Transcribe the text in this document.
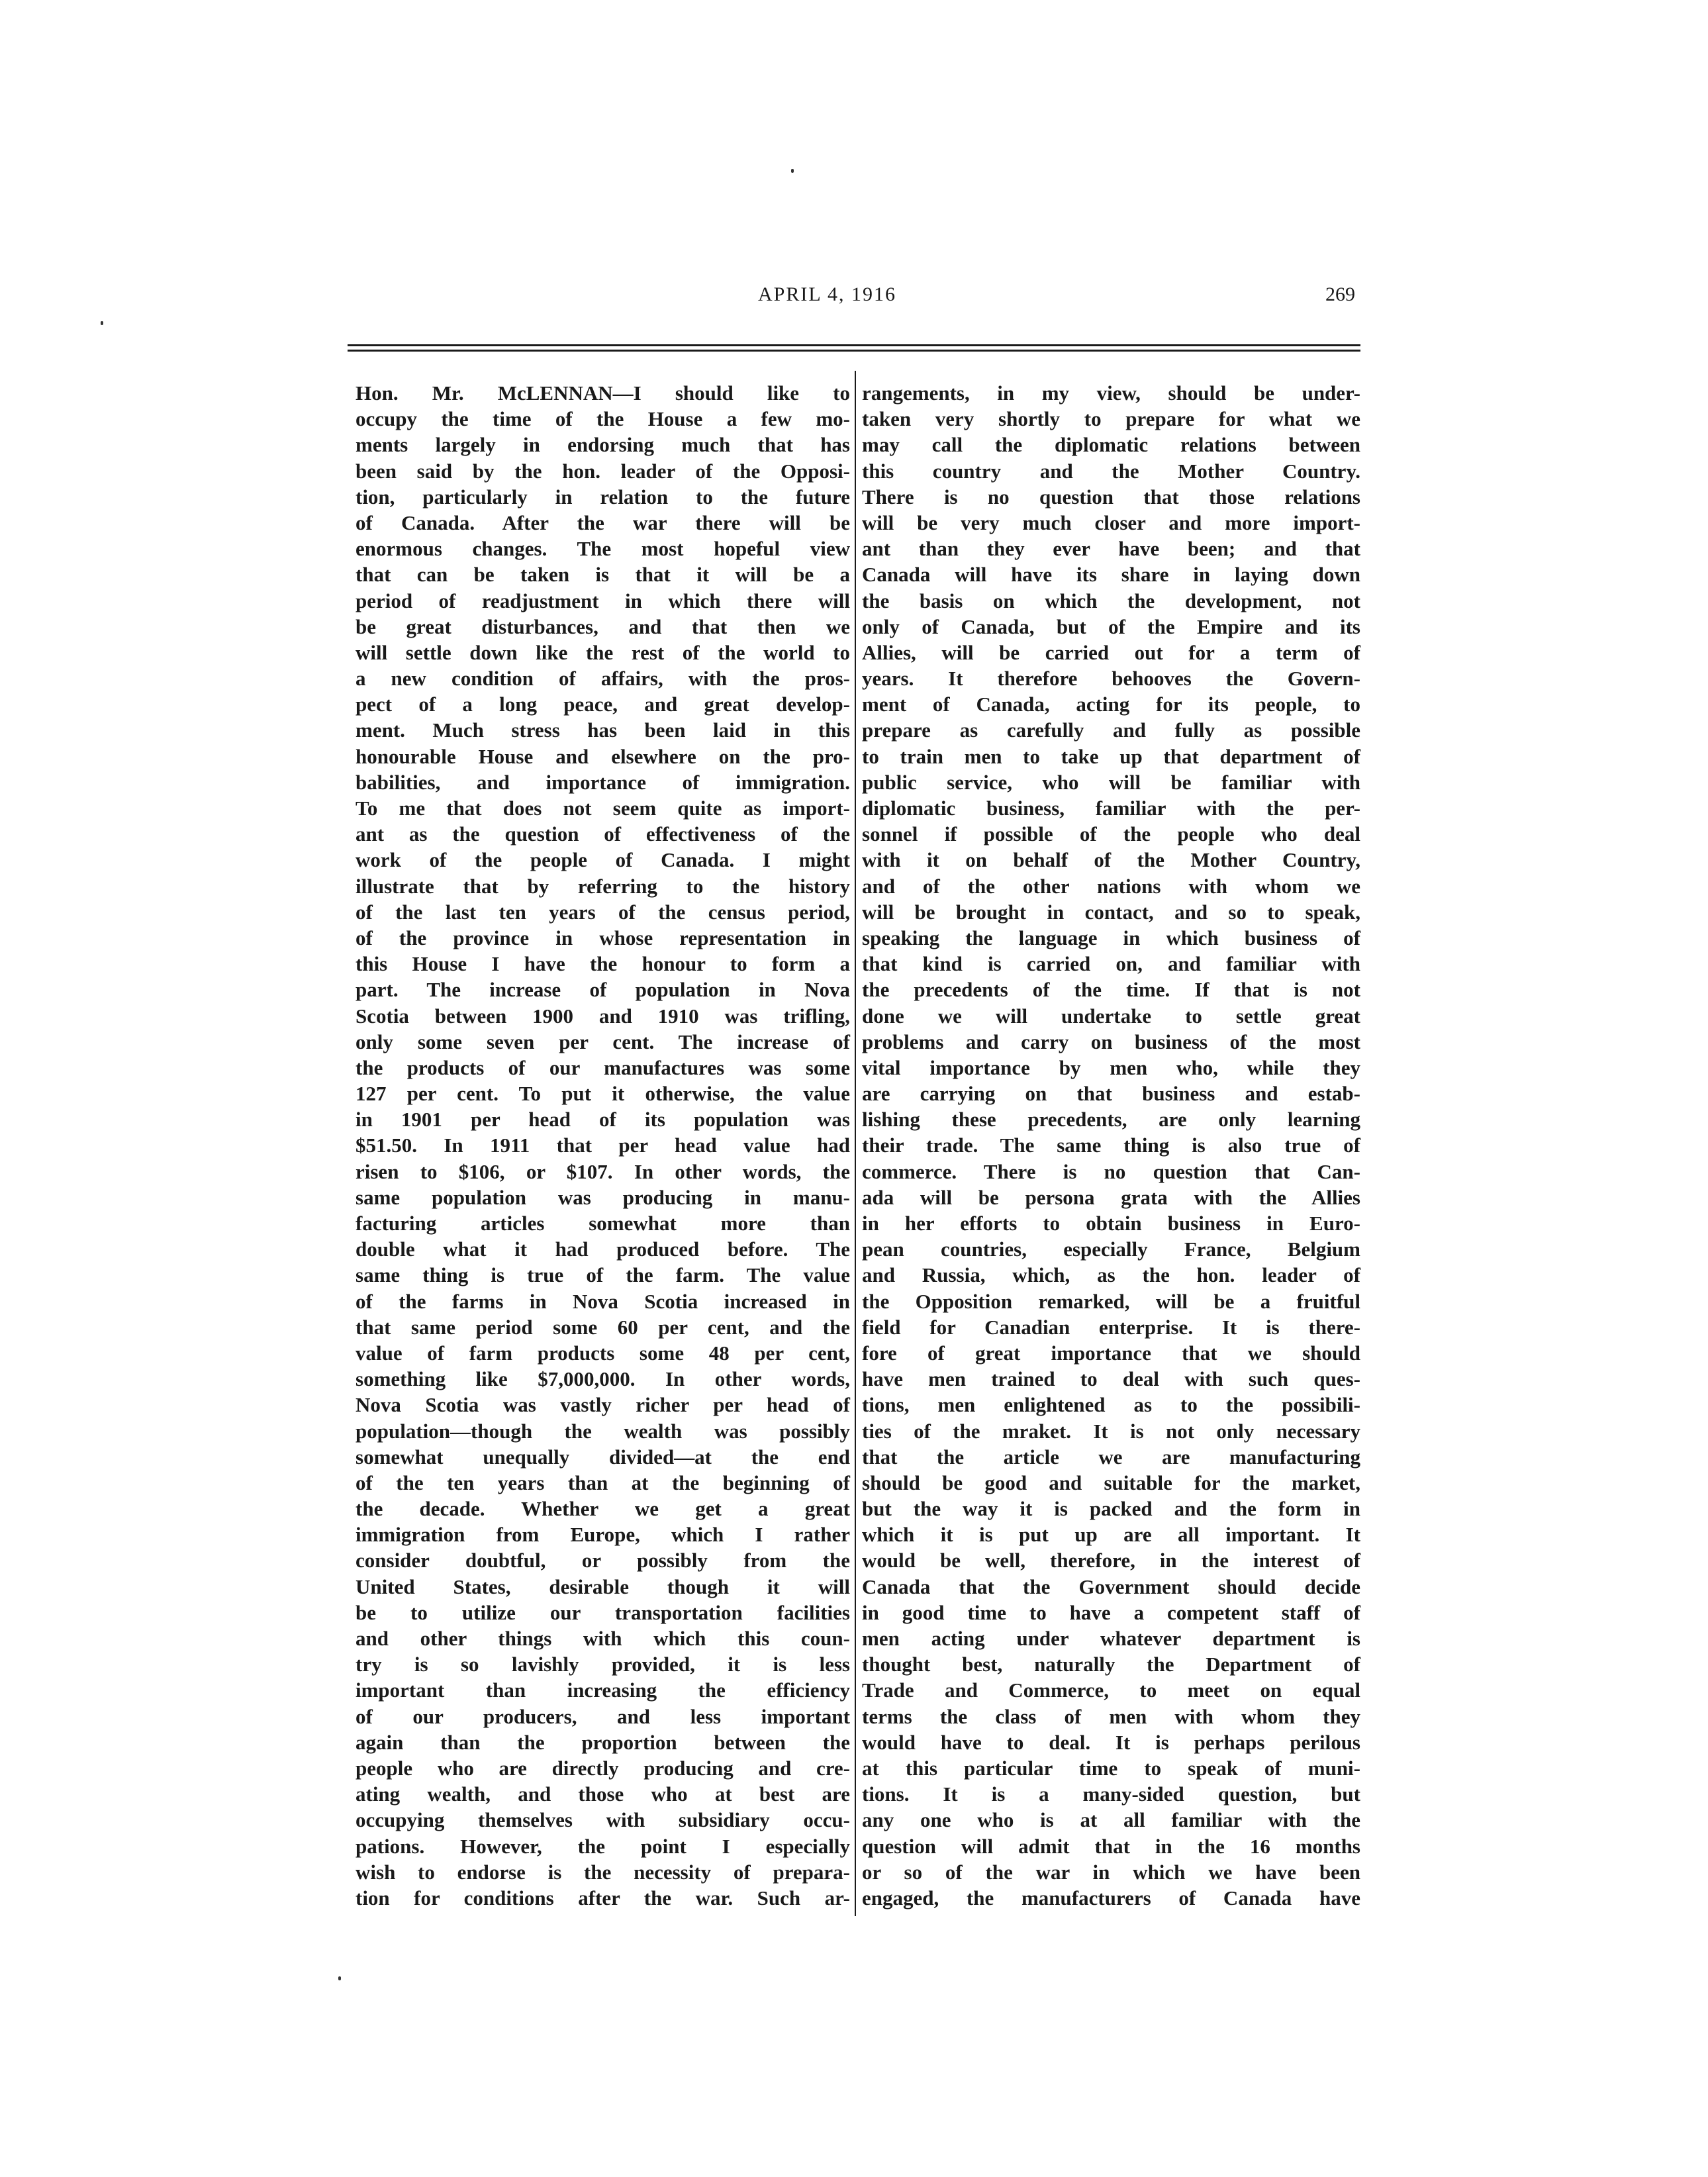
APRIL 4, 1916	269
Hon. Mr. McLENNAN—I should like to
occupy the time of the House a few mo-
ments largely in endorsing much that has
been said by the hon. leader of the Opposi-
tion, particularly in relation to the future
of Canada. After the war there will be
enormous changes. The most hopeful view
that can be taken is that it will be a
period of readjustment in which there will
be great disturbances, and that then we
will settle down like the rest of the world to
a new condition of affairs, with the pros-
pect of a long peace, and great develop-
ment. Much stress has been laid in this
honourable House and elsewhere on the pro-
babilities, and importance of immigration.
To me that does not seem quite as import-
ant as the question of effectiveness of the
work of the people of Canada. I might
illustrate that by referring to the history
of the last ten years of the census period,
of the province in whose representation in
this House I have the honour to form a
part. The increase of population in Nova
Scotia between 1900 and 1910 was trifling,
only some seven per cent. The increase of
the products of our manufactures was some
127 per cent. To put it otherwise, the value
in 1901 per head of its population was
$51.50. In 1911 that per head value had
risen to $106, or $107. In other words, the
same population was producing in manu-
facturing articles somewhat more than
double what it had produced before. The
same thing is true of the farm. The value
of the farms in Nova Scotia increased in
that same period some 60 per cent, and the
value of farm products some 48 per cent,
something like $7,000,000. In other words,
Nova Scotia was vastly richer per head of
population—though the wealth was possibly
somewhat unequally divided—at the end
of the ten years than at the beginning of
the decade. Whether we get a great
immigration from Europe, which I rather
consider doubtful, or possibly from the
United States, desirable though it will
be to utilize our transportation facilities
and other things with which this coun-
try is so lavishly provided, it is less
important than increasing the efficiency
of our producers, and less important
again than the proportion between the
people who are directly producing and cre-
ating wealth, and those who at best are
occupying themselves with subsidiary occu-
pations. However, the point I especially
wish to endorse is the necessity of prepara-
tion for conditions after the war. Such ar-
rangements, in my view, should be under-
taken very shortly to prepare for what we
may call the diplomatic relations between
this country and the Mother Country.
There is no question that those relations
will be very much closer and more import-
ant than they ever have been; and that
Canada will have its share in laying down
the basis on which the development, not
only of Canada, but of the Empire and its
Allies, will be carried out for a term of
years. It therefore behooves the Govern-
ment of Canada, acting for its people, to
prepare as carefully and fully as possible
to train men to take up that department of
public service, who will be familiar with
diplomatic business, familiar with the per-
sonnel if possible of the people who deal
with it on behalf of the Mother Country,
and of the other nations with whom we
will be brought in contact, and so to speak,
speaking the language in which business of
that kind is carried on, and familiar with
the precedents of the time. If that is not
done we will undertake to settle great
problems and carry on business of the most
vital importance by men who, while they
are carrying on that business and estab-
lishing these precedents, are only learning
their trade. The same thing is also true of
commerce. There is no question that Can-
ada will be persona grata with the Allies
in her efforts to obtain business in Euro-
pean countries, especially France, Belgium
and Russia, which, as the hon. leader of
the Opposition remarked, will be a fruitful
field for Canadian enterprise. It is there-
fore of great importance that we should
have men trained to deal with such ques-
tions, men enlightened as to the possibili-
ties of the mraket. It is not only necessary
that the article we are manufacturing
should be good and suitable for the market,
but the way it is packed and the form in
which it is put up are all important. It
would be well, therefore, in the interest of
Canada that the Government should decide
in good time to have a competent staff of
men acting under whatever department is
thought best, naturally the Department of
Trade and Commerce, to meet on equal
terms the class of men with whom they
would have to deal. It is perhaps perilous
at this particular time to speak of muni-
tions. It is a many-sided question, but
any one who is at all familiar with the
question will admit that in the 16 months
or so of the war in which we have been
engaged, the manufacturers of Canada have
